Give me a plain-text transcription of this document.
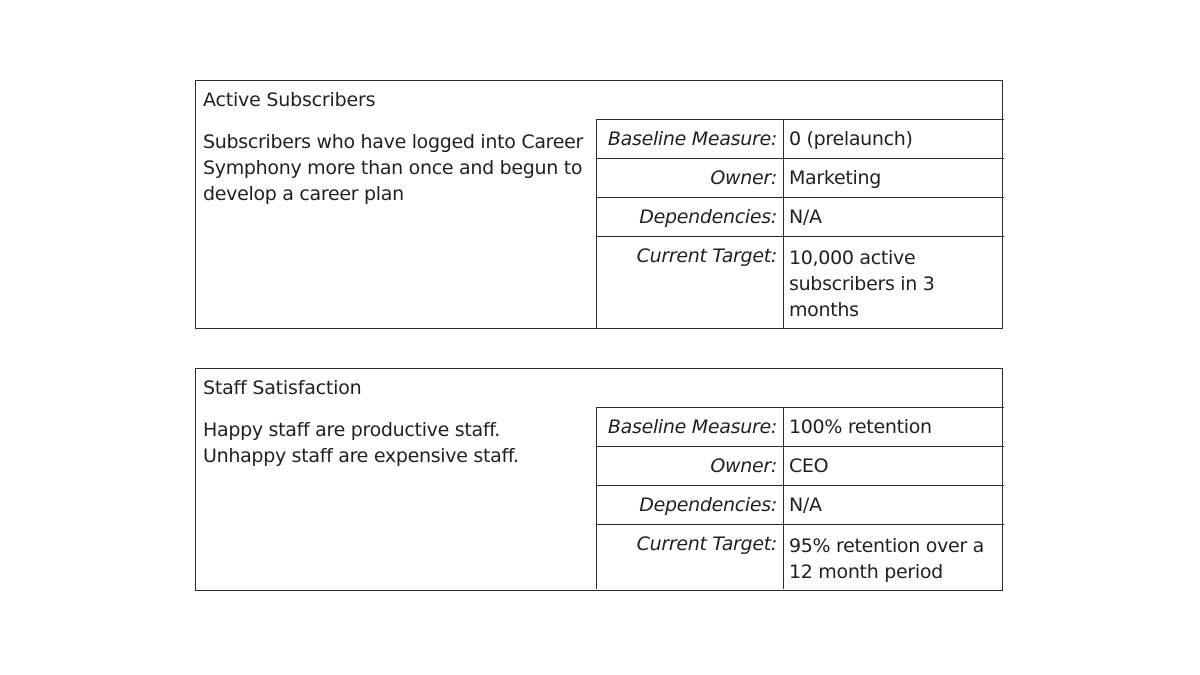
Active Subscribers
Subscribers who have logged into Career Symphony more than once and begun to develop a career plan
Baseline Measure:	0 (prelaunch)
Owner:	Marketing
Dependencies:	N/A
Current Target:	10,000 active subscribers in 3 months
Staff Satisfaction
Happy staff are productive staff. Unhappy staff are expensive staff.
Baseline Measure:	100% retention
Owner:	CEO
Dependencies:	N/A
Current Target:	95% retention over a 12 month period
